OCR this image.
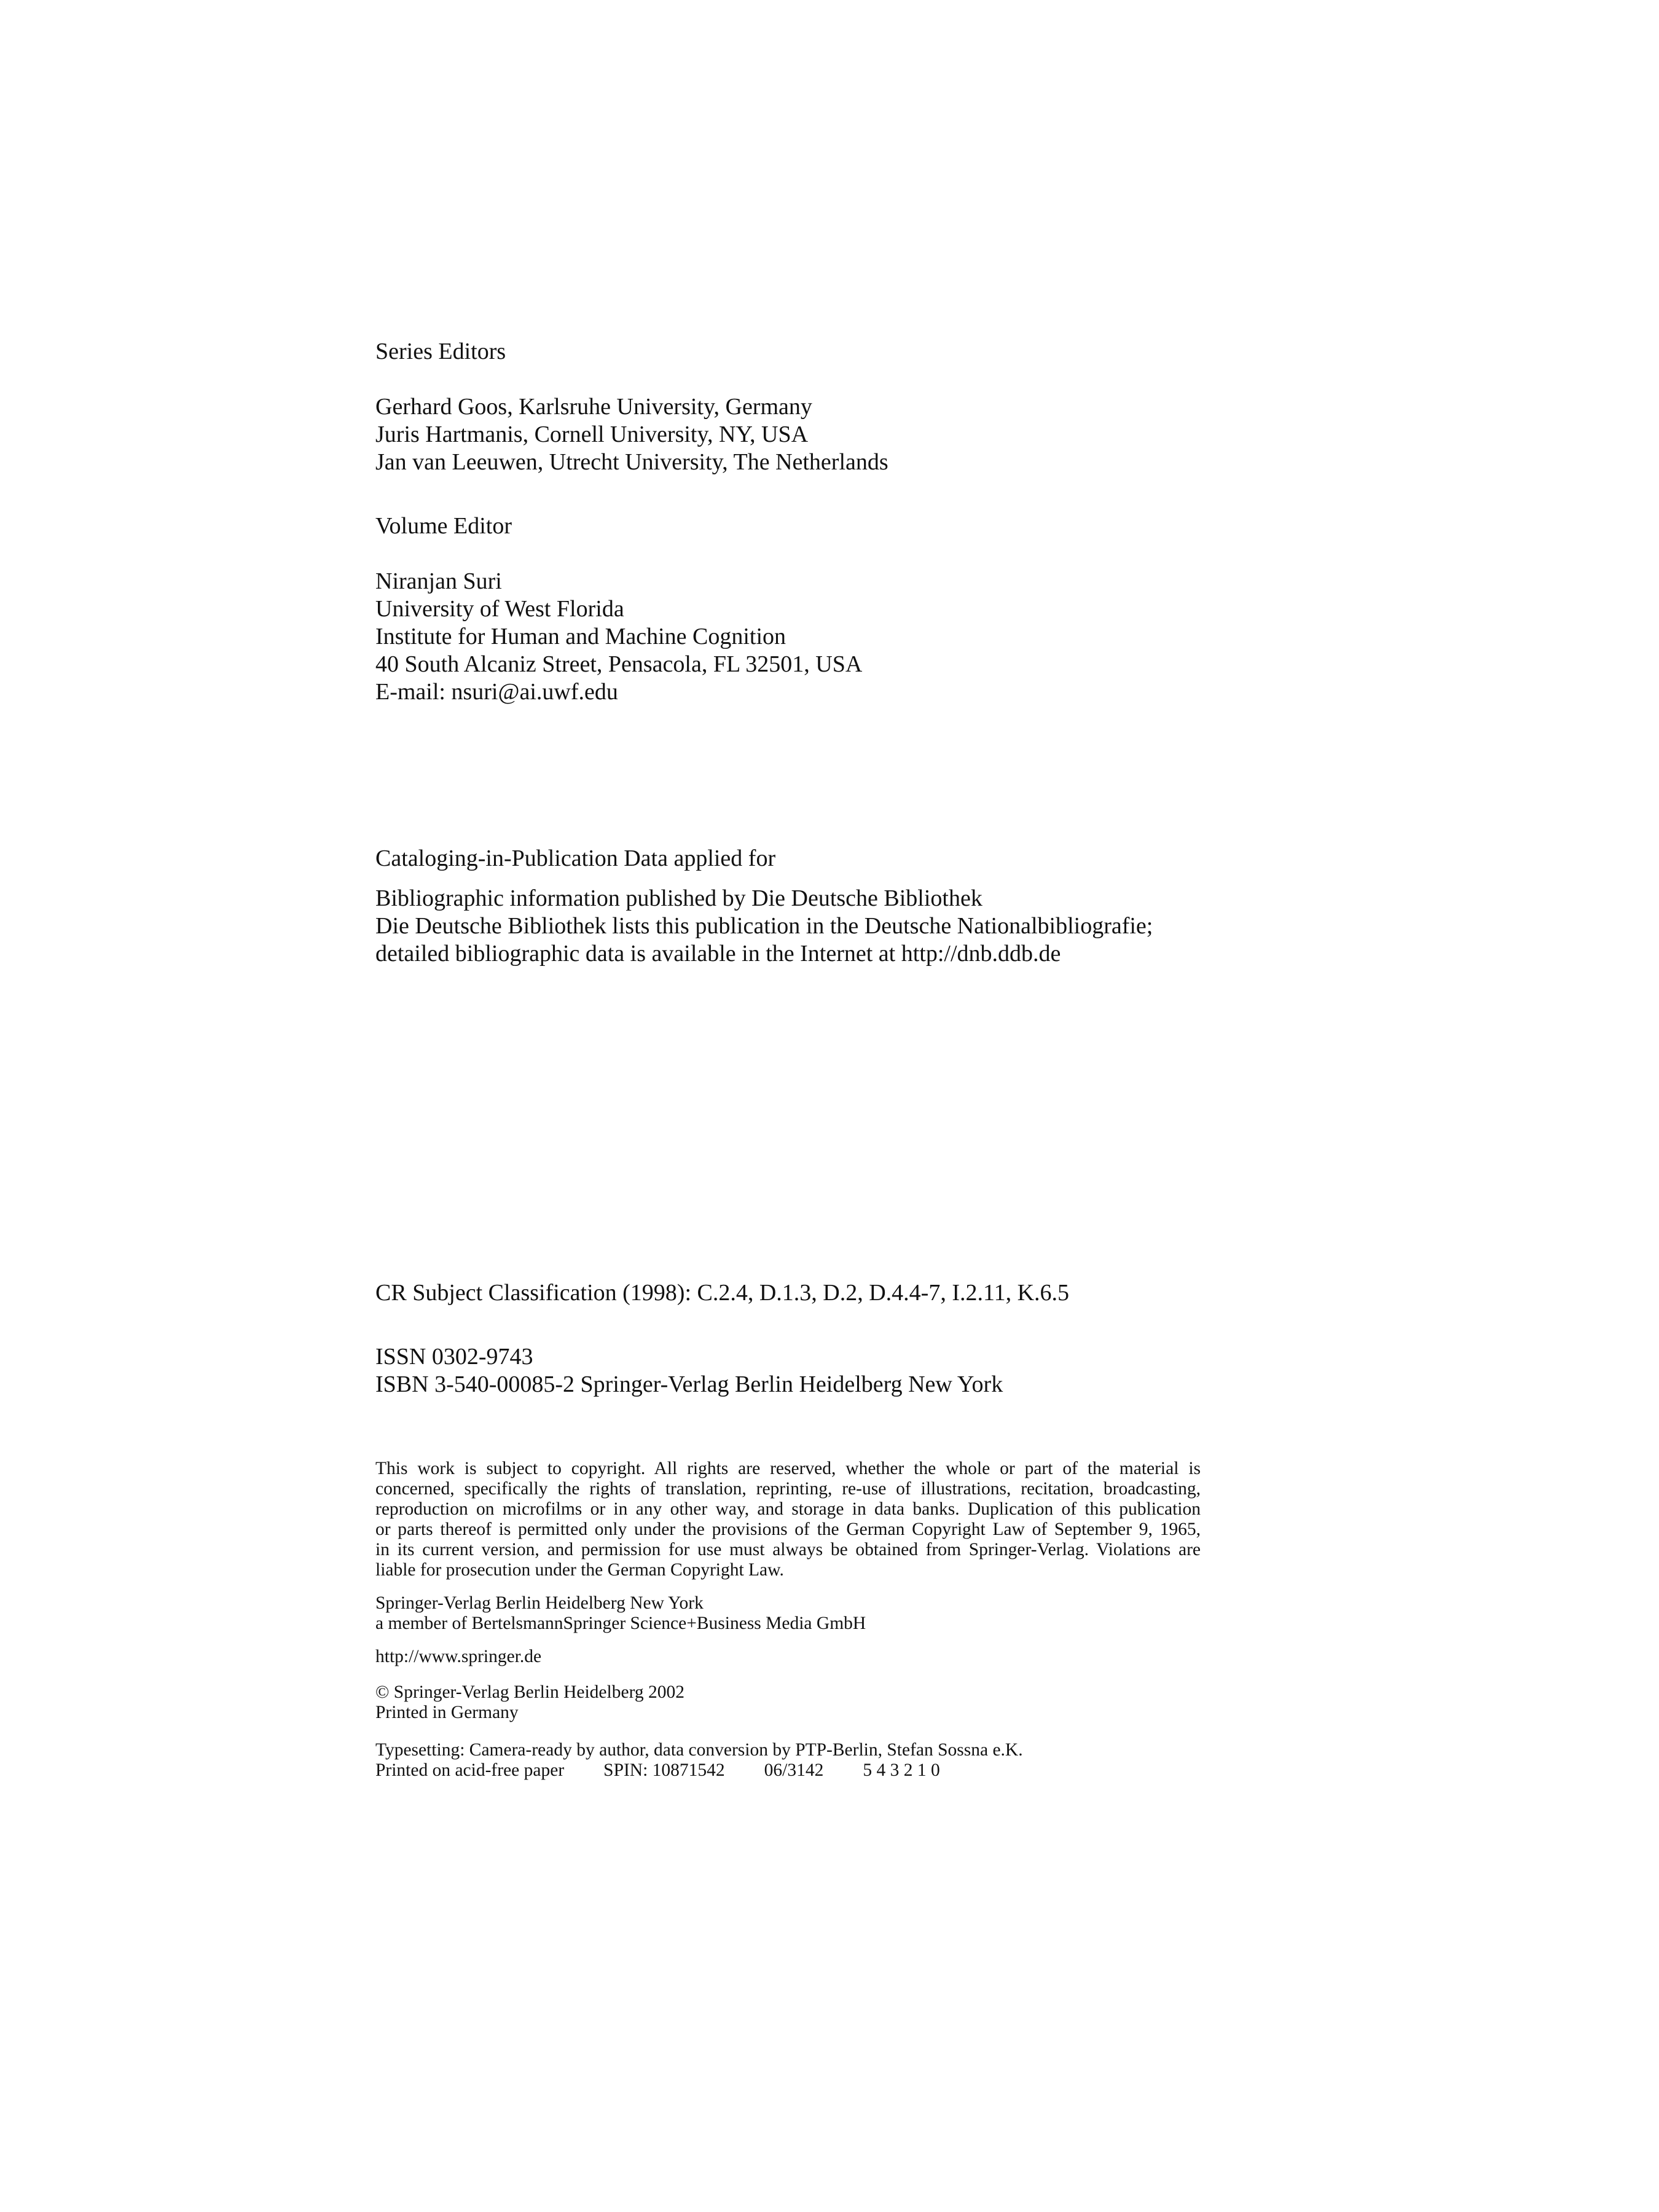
Series Editors
Gerhard Goos, Karlsruhe University, Germany
Juris Hartmanis, Cornell University, NY, USA
Jan van Leeuwen, Utrecht University, The Netherlands
Volume Editor
Niranjan Suri
University of West Florida
Institute for Human and Machine Cognition
40 South Alcaniz Street, Pensacola, FL 32501, USA
E-mail: nsuri@ai.uwf.edu
Cataloging-in-Publication Data applied for
Bibliographic information published by Die Deutsche Bibliothek
Die Deutsche Bibliothek lists this publication in the Deutsche Nationalbibliografie;
detailed bibliographic data is available in the Internet at http://dnb.ddb.de
CR Subject Classification (1998): C.2.4, D.1.3, D.2, D.4.4-7, I.2.11, K.6.5
ISSN 0302-9743
ISBN 3-540-00085-2 Springer-Verlag Berlin Heidelberg New York
This work is subject to copyright. All rights are reserved, whether the whole or part of the material is
concerned, specifically the rights of translation, reprinting, re-use of illustrations, recitation, broadcasting,
reproduction on microfilms or in any other way, and storage in data banks. Duplication of this publication
or parts thereof is permitted only under the provisions of the German Copyright Law of September 9, 1965,
in its current version, and permission for use must always be obtained from Springer-Verlag. Violations are
liable for prosecution under the German Copyright Law.
Springer-Verlag Berlin Heidelberg New York
a member of BertelsmannSpringer Science+Business Media GmbH
http://www.springer.de
© Springer-Verlag Berlin Heidelberg 2002
Printed in Germany
Typesetting: Camera-ready by author, data conversion by PTP-Berlin, Stefan Sossna e.K.
Printed on acid-free paper SPIN: 10871542 06/3142 5 4 3 2 1 0
